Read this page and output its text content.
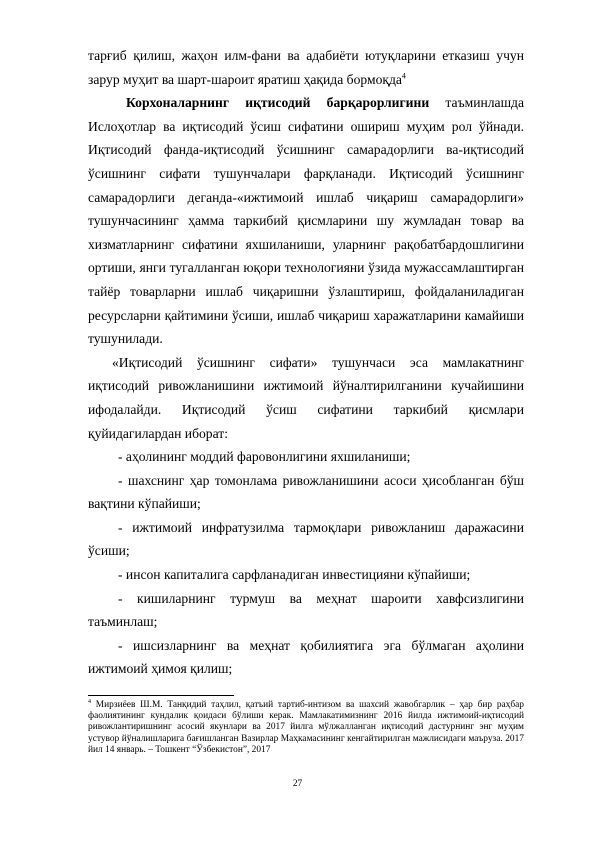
тарғиб қилиш, жаҳон илм-фани ва адабиёти ютуқларини етказиш учун зарур муҳит ва шарт-шароит яратиш ҳақида бормоқда$^4$

Корхоналарнинг иқтисодий барқарорлигини таъминлашда Ислоҳотлар ва иқтисодий ўсиш сифатини ошириш муҳим рол ўйнади. Иқтисодий фанда-иқтисодий ўсишнинг самарадорлиги ва-иқтисодий ўсишнинг сифати тушунчалари фарқланади. Иқтисодий ўсишнинг самарадорлиги деганда-«ижтимоий ишлаб чиқариш самарадорлиги» тушунчасининг ҳамма таркибий қисмларини шу жумладан товар ва хизматларнинг сифатини яхшиланиши, уларнинг рақобатбардошлигини ортиши, янги тугалланган юқори технологияни ўзида мужассамлаштирган тайёр товарларни ишлаб чиқаришни ўзлаштириш, фойдаланиладиган ресурсларни қайтимини ўсиши, ишлаб чиқариш харажатларини камайиши тушунилади.

«Иқтисодий ўсишнинг сифати» тушунчаси эса мамлакатнинг иқтисодий ривожланишини ижтимоий йўналтирилганини кучайишини ифодалайди. Иқтисодий ўсиш сифатини таркибий қисмлари қуйидагилардан иборат:

- аҳолининг моддий фаровонлигини яхшиланиши;

- шахснинг ҳар томонлама ривожланишини асоси ҳисобланган бўш вақтини кўпайиши;

- ижтимоий инфратузилма тармоқлари ривожланиш даражасини ўсиши;

- инсон капиталига сарфланадиган инвестицияни кўпайиши;

- кишиларнинг турмуш ва меҳнат шароити хавфсизлигини таъминлаш;

- ишсизларнинг ва меҳнат қобилиятига эга бўлмаган аҳолини ижтимоий ҳимоя қилиш;

$^4$ Мирзиёев Ш.М. Танқидий таҳлил, қатъий тартиб-интизом ва шахсий жавобгарлик – ҳар бир раҳбар фаолиятининг кундалик қоидаси бўлиши керак. Мамлакатимизнинг 2016 йилда ижтимоий-иқтисодий ривожлантиришнинг асосий якунлари ва 2017 йилга мўлжалланган иқтисодий дастурнинг энг муҳим устувор йўналишларига бағишланган Вазирлар Маҳкамасининг кенгайтирилган мажлисидаги маъруза. 2017 йил 14 январь. – Тошкент “Ўзбекистон”, 2017

27
